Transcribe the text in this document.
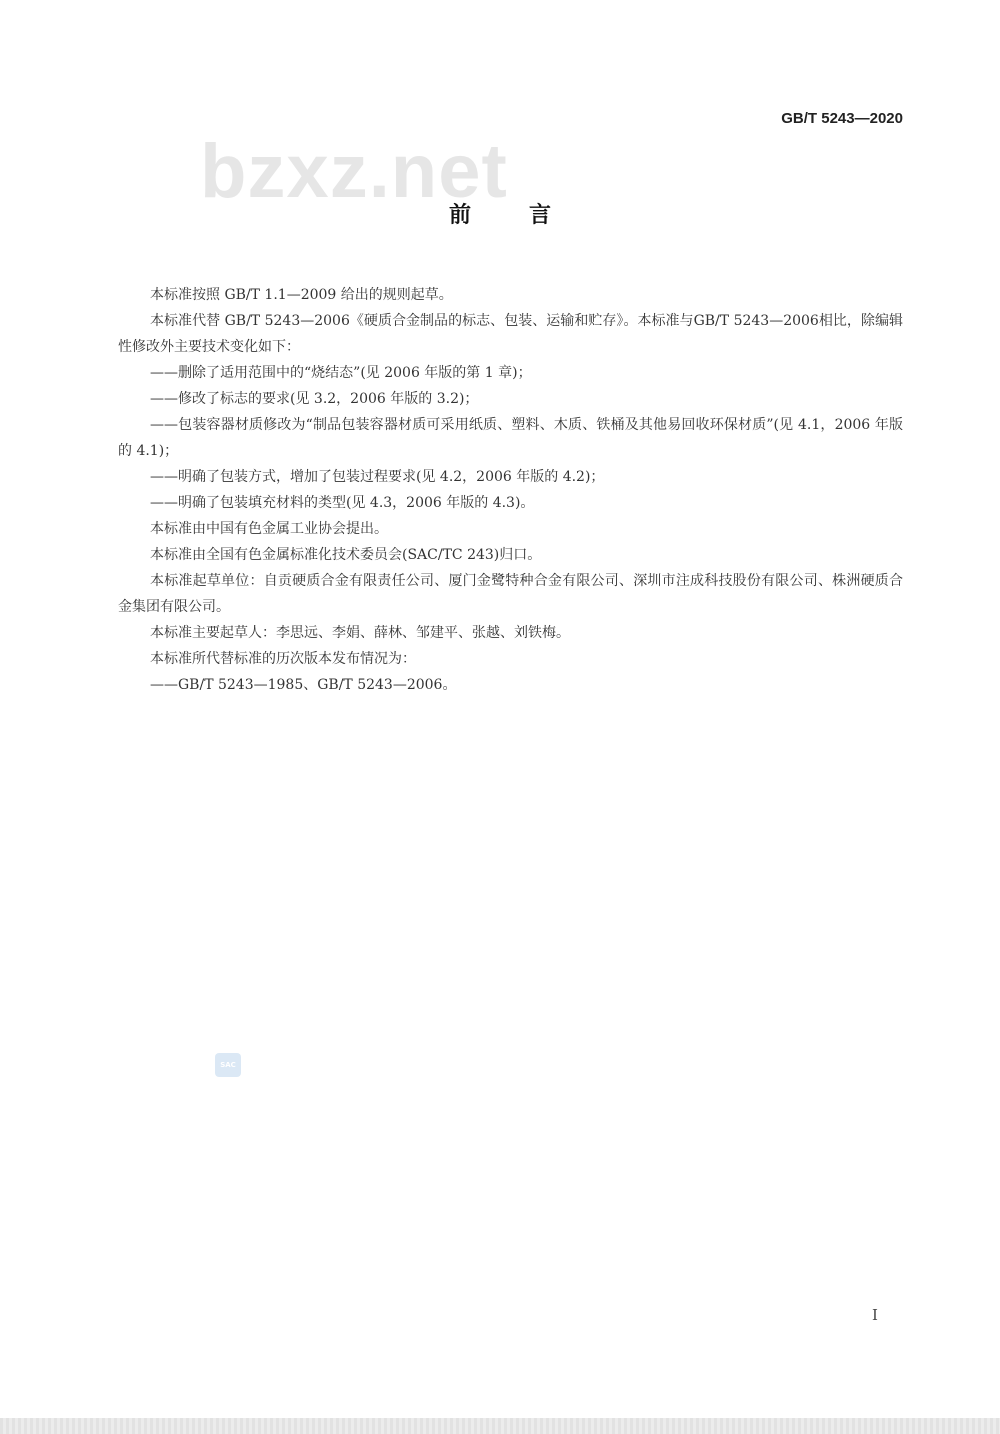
GB/T 5243—2020
bzxz.net
前言

本标准按照 GB/T 1.1—2009 给出的规则起草。

本标准代替 GB/T 5243—2006《硬质合金制品的标志、包装、运输和贮存》。本标准与GB/T 5243—2006相比，除编辑性修改外主要技术变化如下：

——删除了适用范围中的“烧结态”(见 2006 年版的第 1 章)；

——修改了标志的要求(见 3.2，2006 年版的 3.2)；

——包装容器材质修改为“制品包装容器材质可采用纸质、塑料、木质、铁桶及其他易回收环保材质”(见 4.1，2006 年版的 4.1)；

——明确了包装方式，增加了包装过程要求(见 4.2，2006 年版的 4.2)；

——明确了包装填充材料的类型(见 4.3，2006 年版的 4.3)。

本标准由中国有色金属工业协会提出。

本标准由全国有色金属标准化技术委员会(SAC/TC 243)归口。

本标准起草单位：自贡硬质合金有限责任公司、厦门金鹭特种合金有限公司、深圳市注成科技股份有限公司、株洲硬质合金集团有限公司。

本标准主要起草人：李思远、李娟、薛林、邹建平、张越、刘铁梅。

本标准所代替标准的历次版本发布情况为：

——GB/T 5243—1985、GB/T 5243—2006。

SAC
I
